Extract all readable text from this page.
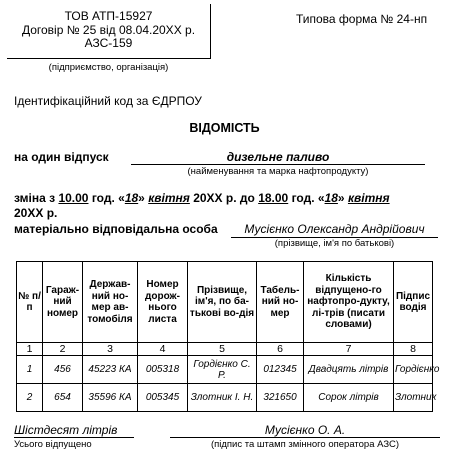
ТОВ АТП-15927
Договір № 25 від 08.04.20ХХ р.
АЗС-159
(підприємство, організація)
Типова форма № 24-нп
Ідентифікаційний код за ЄДРПОУ
ВІДОМІСТЬ
на один відпуск	дизельне паливо
(найменування та марка нафтопродукту)
зміна з 10.00 год. «18» квітня 20ХХ р. до 18.00 год. «18» квітня
20ХХ р.
матеріально відповідальна особа	Мусієнко Олександр Андрійович
(прізвище, ім'я по батькові)
№ п/п	Гараж-ний номер	Держав-ний но-мер ав-томобіля	Номер дорож-нього листа	Прізвище, ім'я, по ба-тькові во-дія	Табель-ний но-мер	Кількість відпущено-го нафтопро-дукту, лі-трів (писати словами)	Підпис водія
1	2	3	4	5	6	7	8
1	456	45223 КА	005318	Гордієнко С. Р.	012345	Двадцять літрів	Гордієнко
2	654	35596 КА	005345	Злотник І. Н.	321650	Сорок літрів	Злотник
Шістдесят літрів
Усього відпущено
Мусієнко О. А.
(підпис та штамп змінного оператора АЗС)
